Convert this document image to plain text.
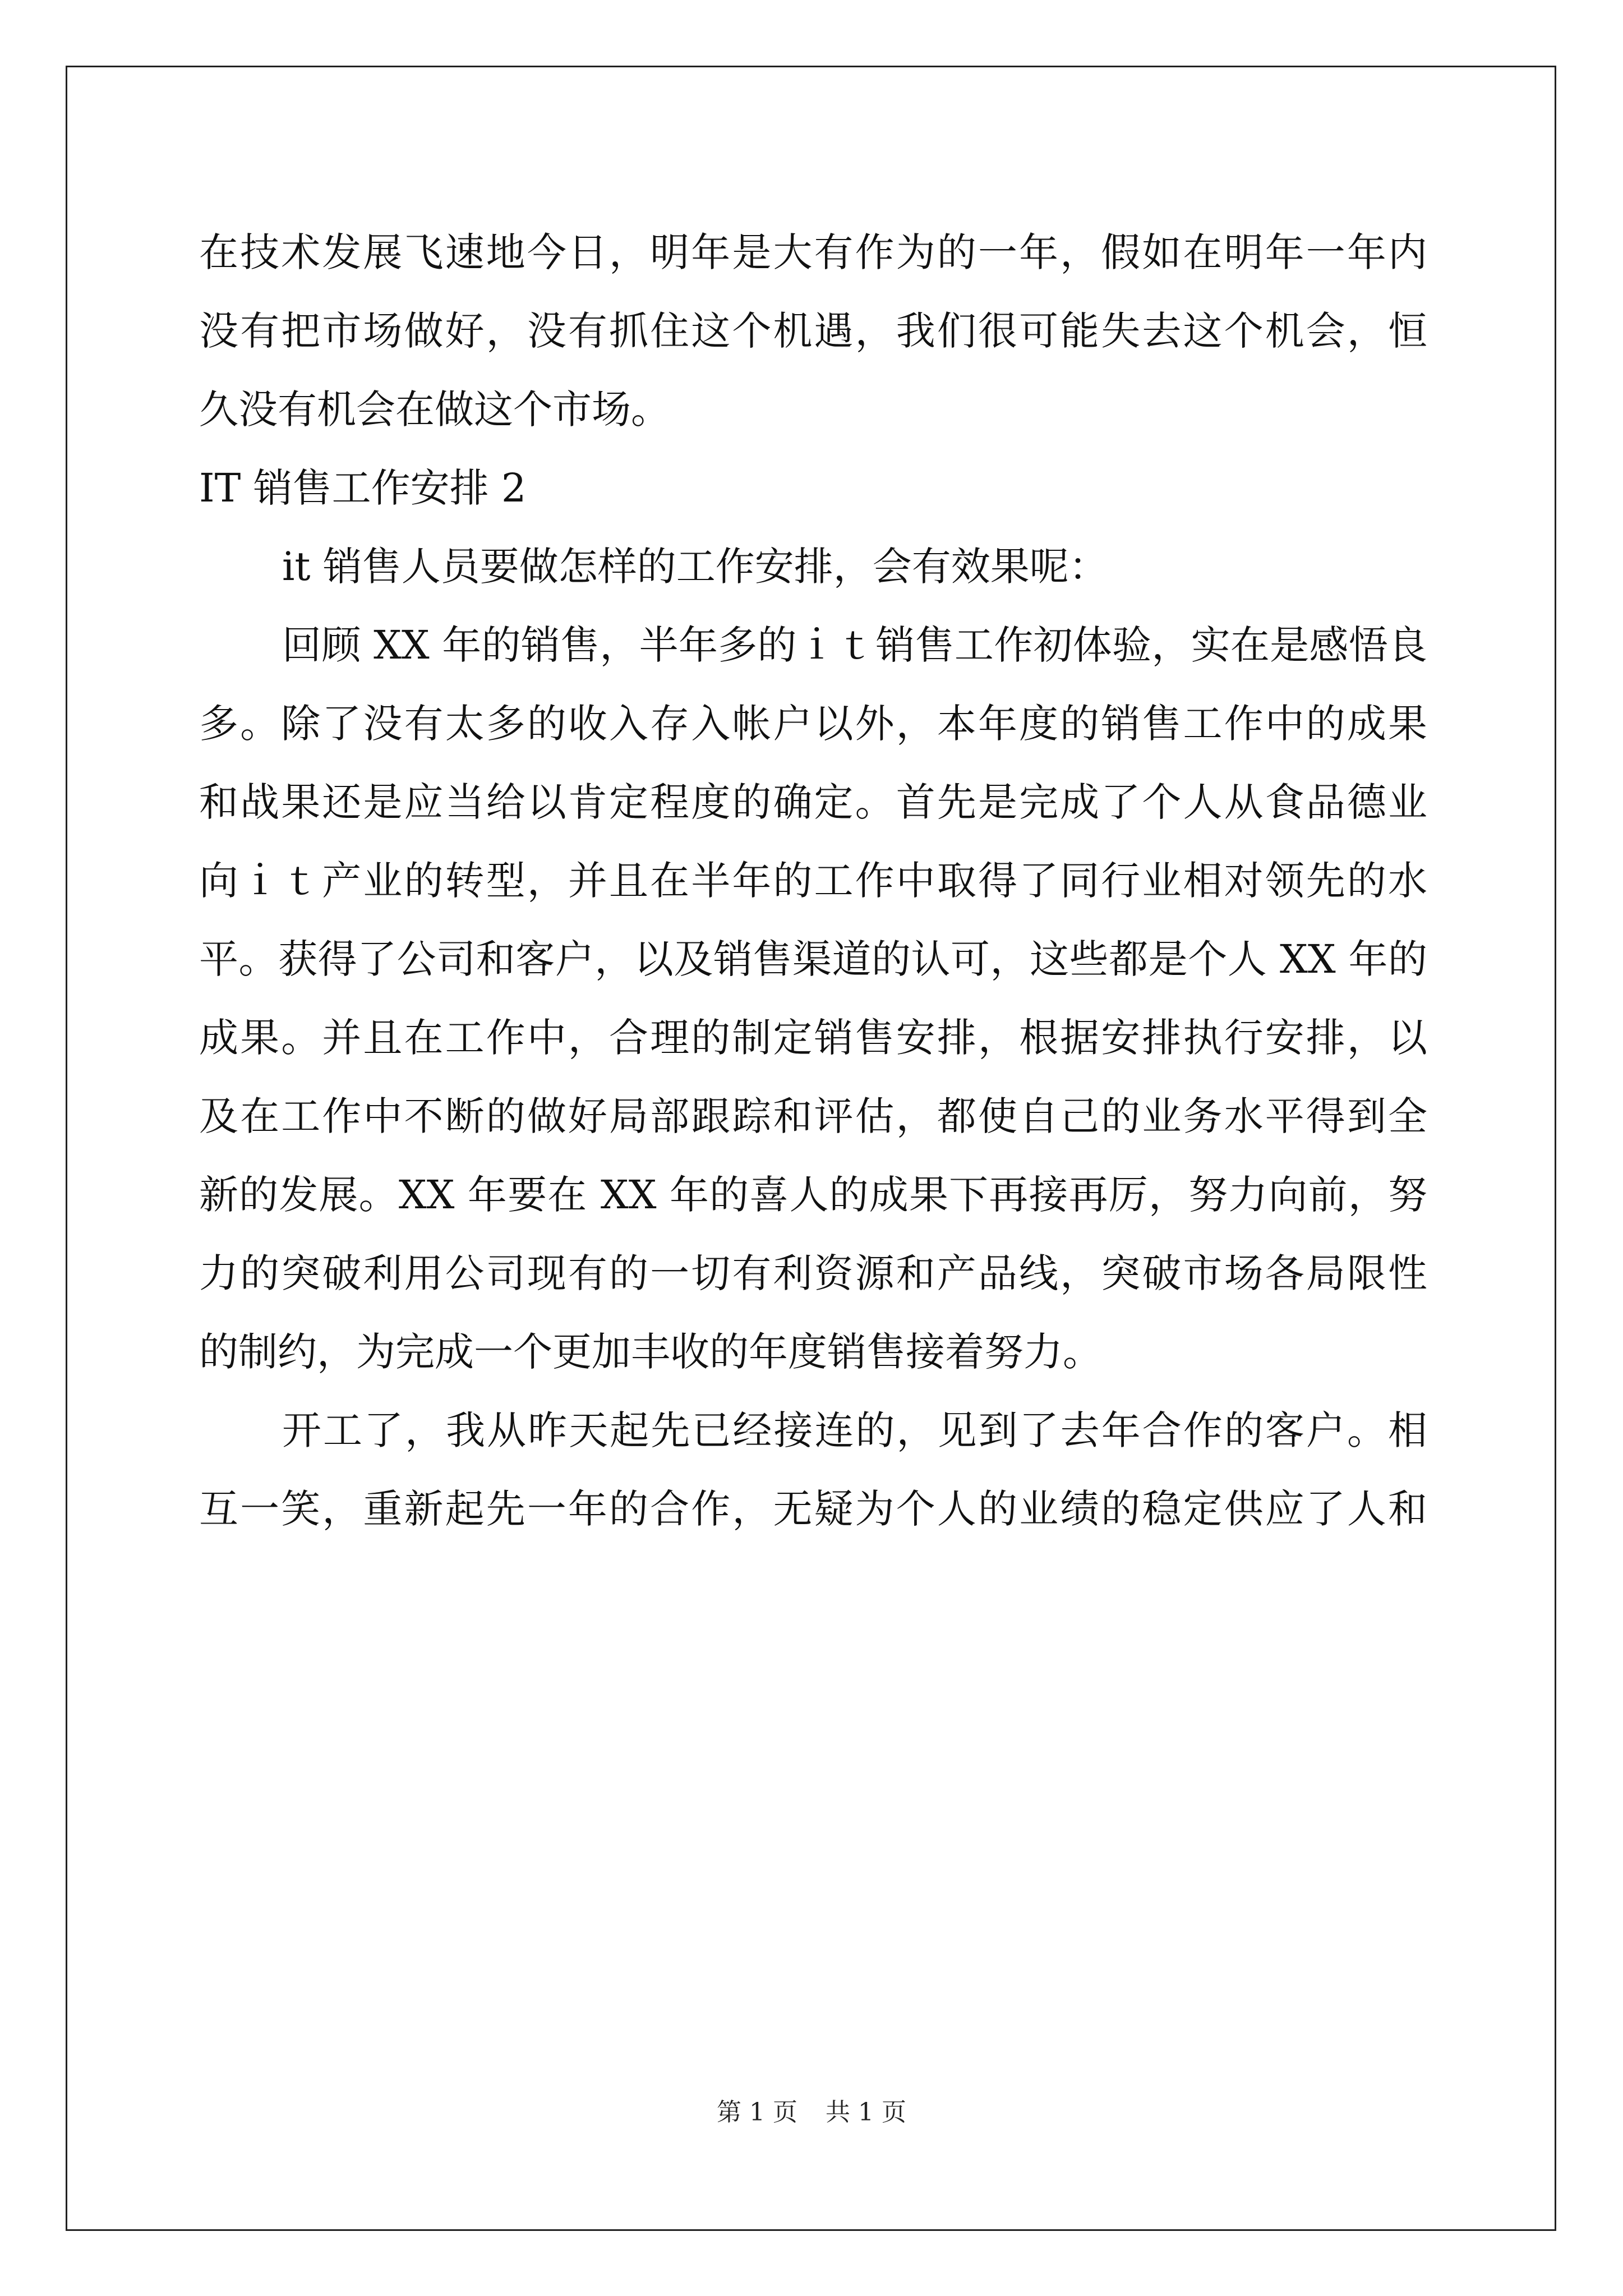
在技术发展飞速地今日，明年是大有作为的一年，假如在明年一年内
没有把市场做好，没有抓住这个机遇，我们很可能失去这个机会，恒
久没有机会在做这个市场。
IT 销售工作安排 2
it 销售人员要做怎样的工作安排，会有效果呢：
回顾 XX 年的销售，半年多的ｉｔ销售工作初体验，实在是感悟良
多。除了没有太多的收入存入帐户以外，本年度的销售工作中的成果
和战果还是应当给以肯定程度的确定。首先是完成了个人从食品德业
向ｉｔ产业的转型，并且在半年的工作中取得了同行业相对领先的水
平。获得了公司和客户，以及销售渠道的认可，这些都是个人 XX 年的
成果。并且在工作中，合理的制定销售安排，根据安排执行安排，以
及在工作中不断的做好局部跟踪和评估，都使自己的业务水平得到全
新的发展。XX 年要在 XX 年的喜人的成果下再接再厉，努力向前，努
力的突破利用公司现有的一切有利资源和产品线，突破市场各局限性
的制约，为完成一个更加丰收的年度销售接着努力。
开工了，我从昨天起先已经接连的，见到了去年合作的客户。相
互一笑，重新起先一年的合作，无疑为个人的业绩的稳定供应了人和
第 1 页 共 1 页
